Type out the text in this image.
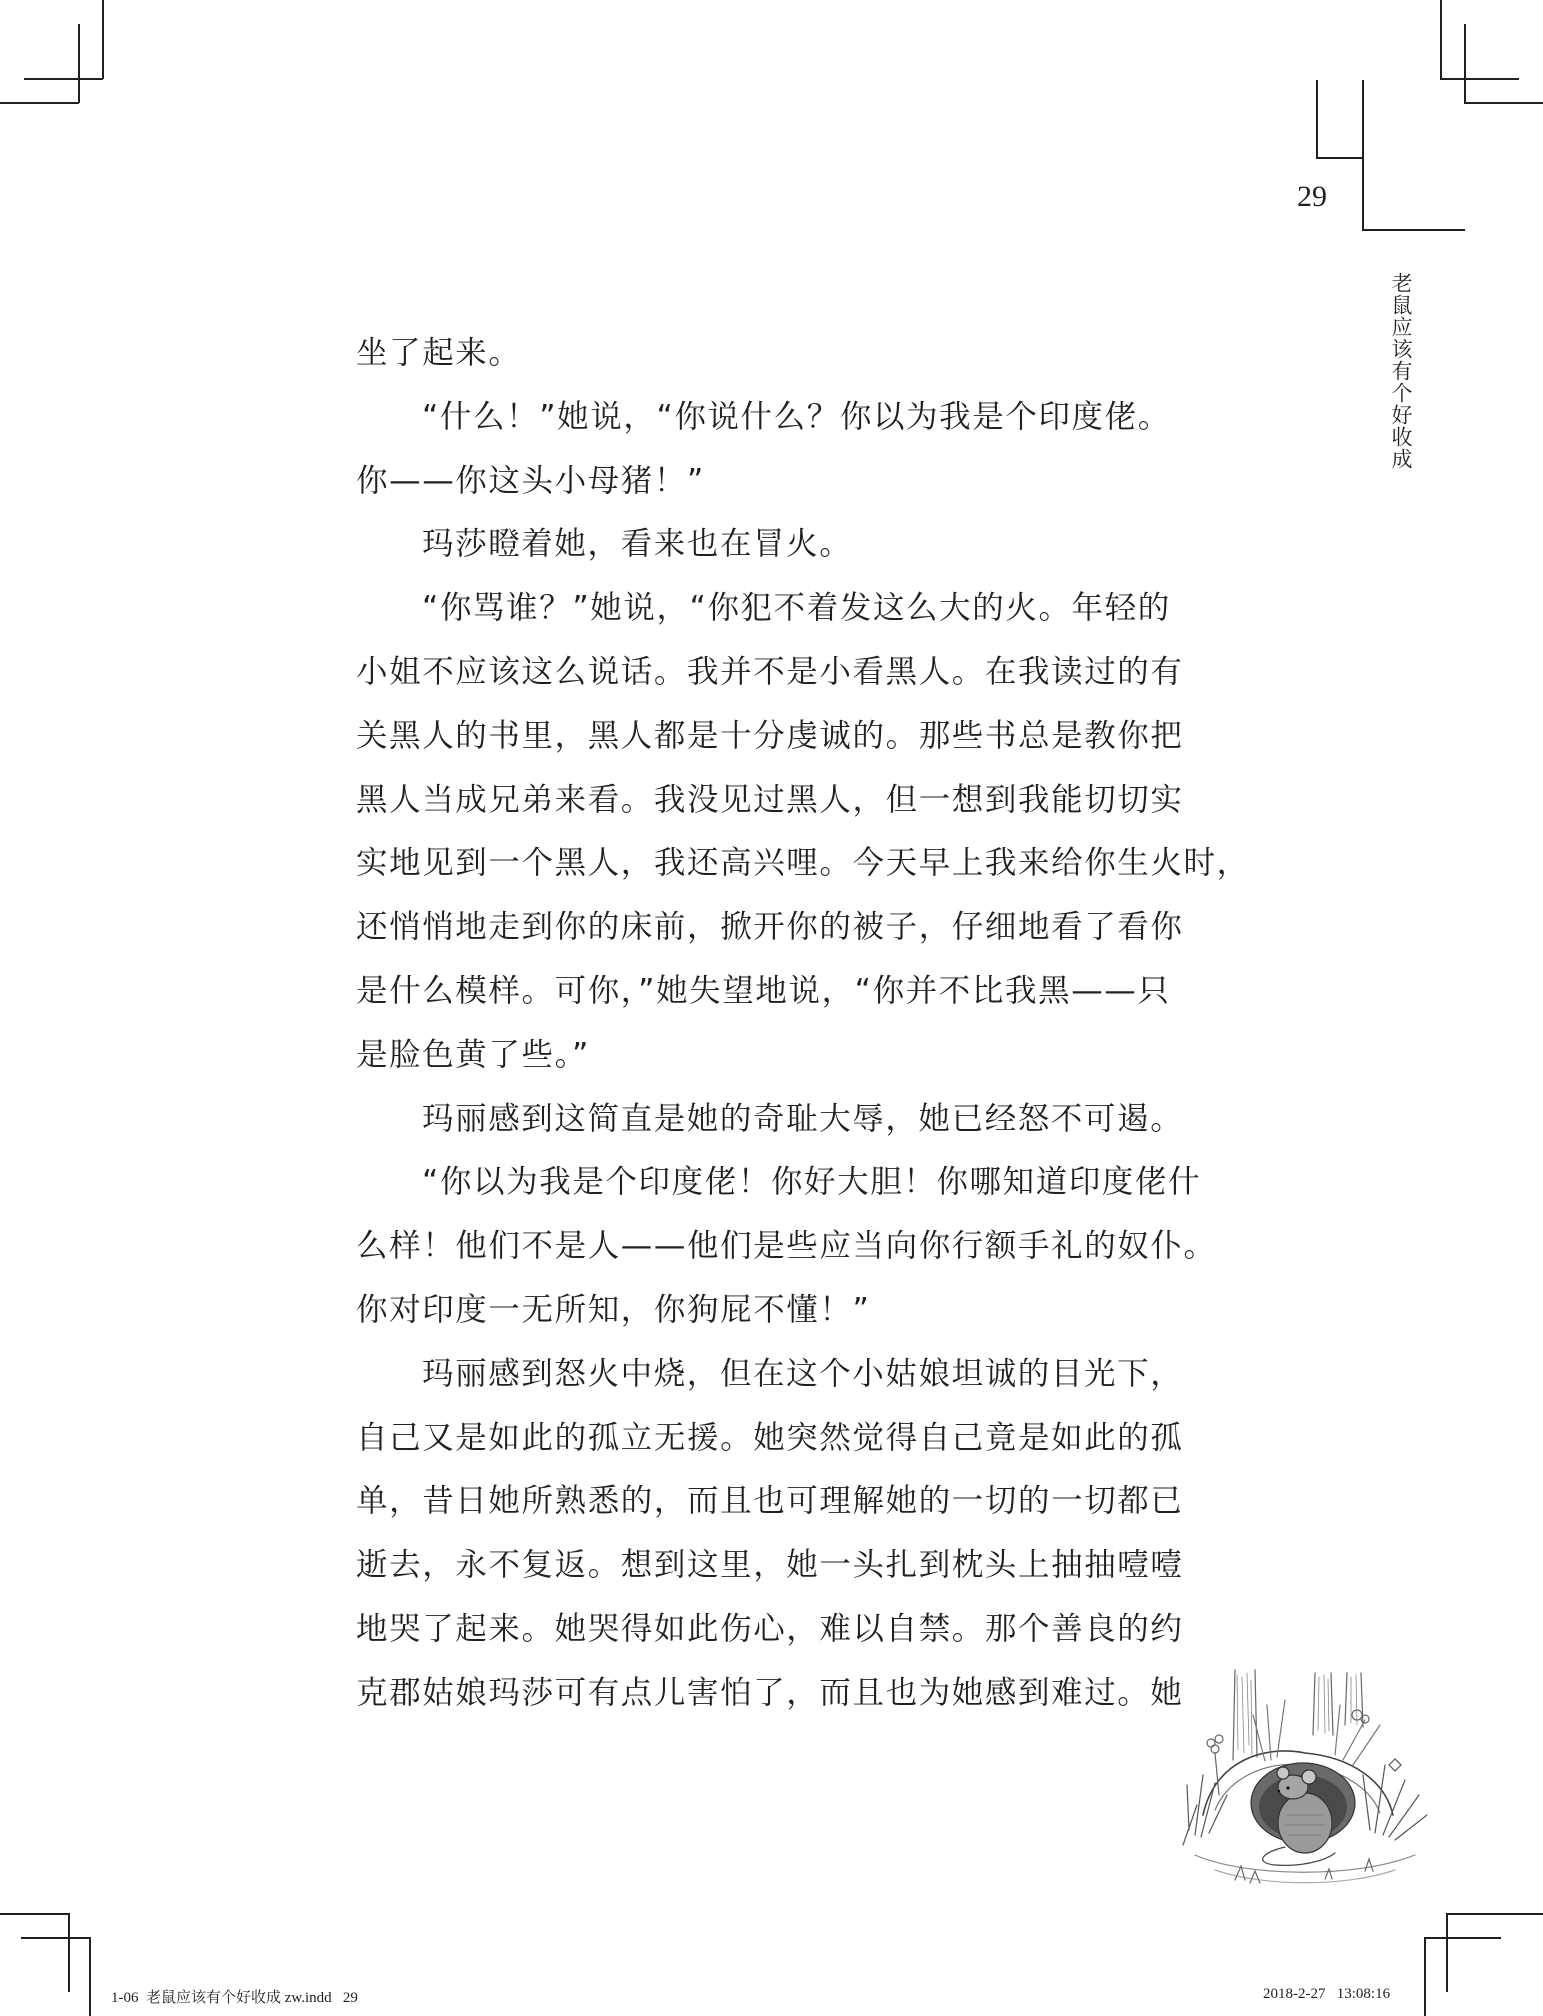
29
老鼠应该有个好收成

坐了起来。

“什么！”她说，“你说什么？你以为我是个印度佬。
你——你这头小母猪！”

玛莎瞪着她，看来也在冒火。

“你骂谁？”她说，“你犯不着发这么大的火。年轻的
小姐不应该这么说话。我并不是小看黑人。在我读过的有
关黑人的书里，黑人都是十分虔诚的。那些书总是教你把
黑人当成兄弟来看。我没见过黑人，但一想到我能切切实
实地见到一个黑人，我还高兴哩。今天早上我来给你生火时，
还悄悄地走到你的床前，掀开你的被子，仔细地看了看你
是什么模样。可你，”她失望地说，“你并不比我黑——只
是脸色黄了些。”

玛丽感到这简直是她的奇耻大辱，她已经怒不可遏。

“你以为我是个印度佬！你好大胆！你哪知道印度佬什
么样！他们不是人——他们是些应当向你行额手礼的奴仆。
你对印度一无所知，你狗屁不懂！”

玛丽感到怒火中烧，但在这个小姑娘坦诚的目光下，
自己又是如此的孤立无援。她突然觉得自己竟是如此的孤
单，昔日她所熟悉的，而且也可理解她的一切的一切都已
逝去，永不复返。想到这里，她一头扎到枕头上抽抽噎噎
地哭了起来。她哭得如此伤心，难以自禁。那个善良的约
克郡姑娘玛莎可有点儿害怕了，而且也为她感到难过。她

1-06  老鼠应该有个好收成 zw.indd   29	2018-2-27   13:08:16
